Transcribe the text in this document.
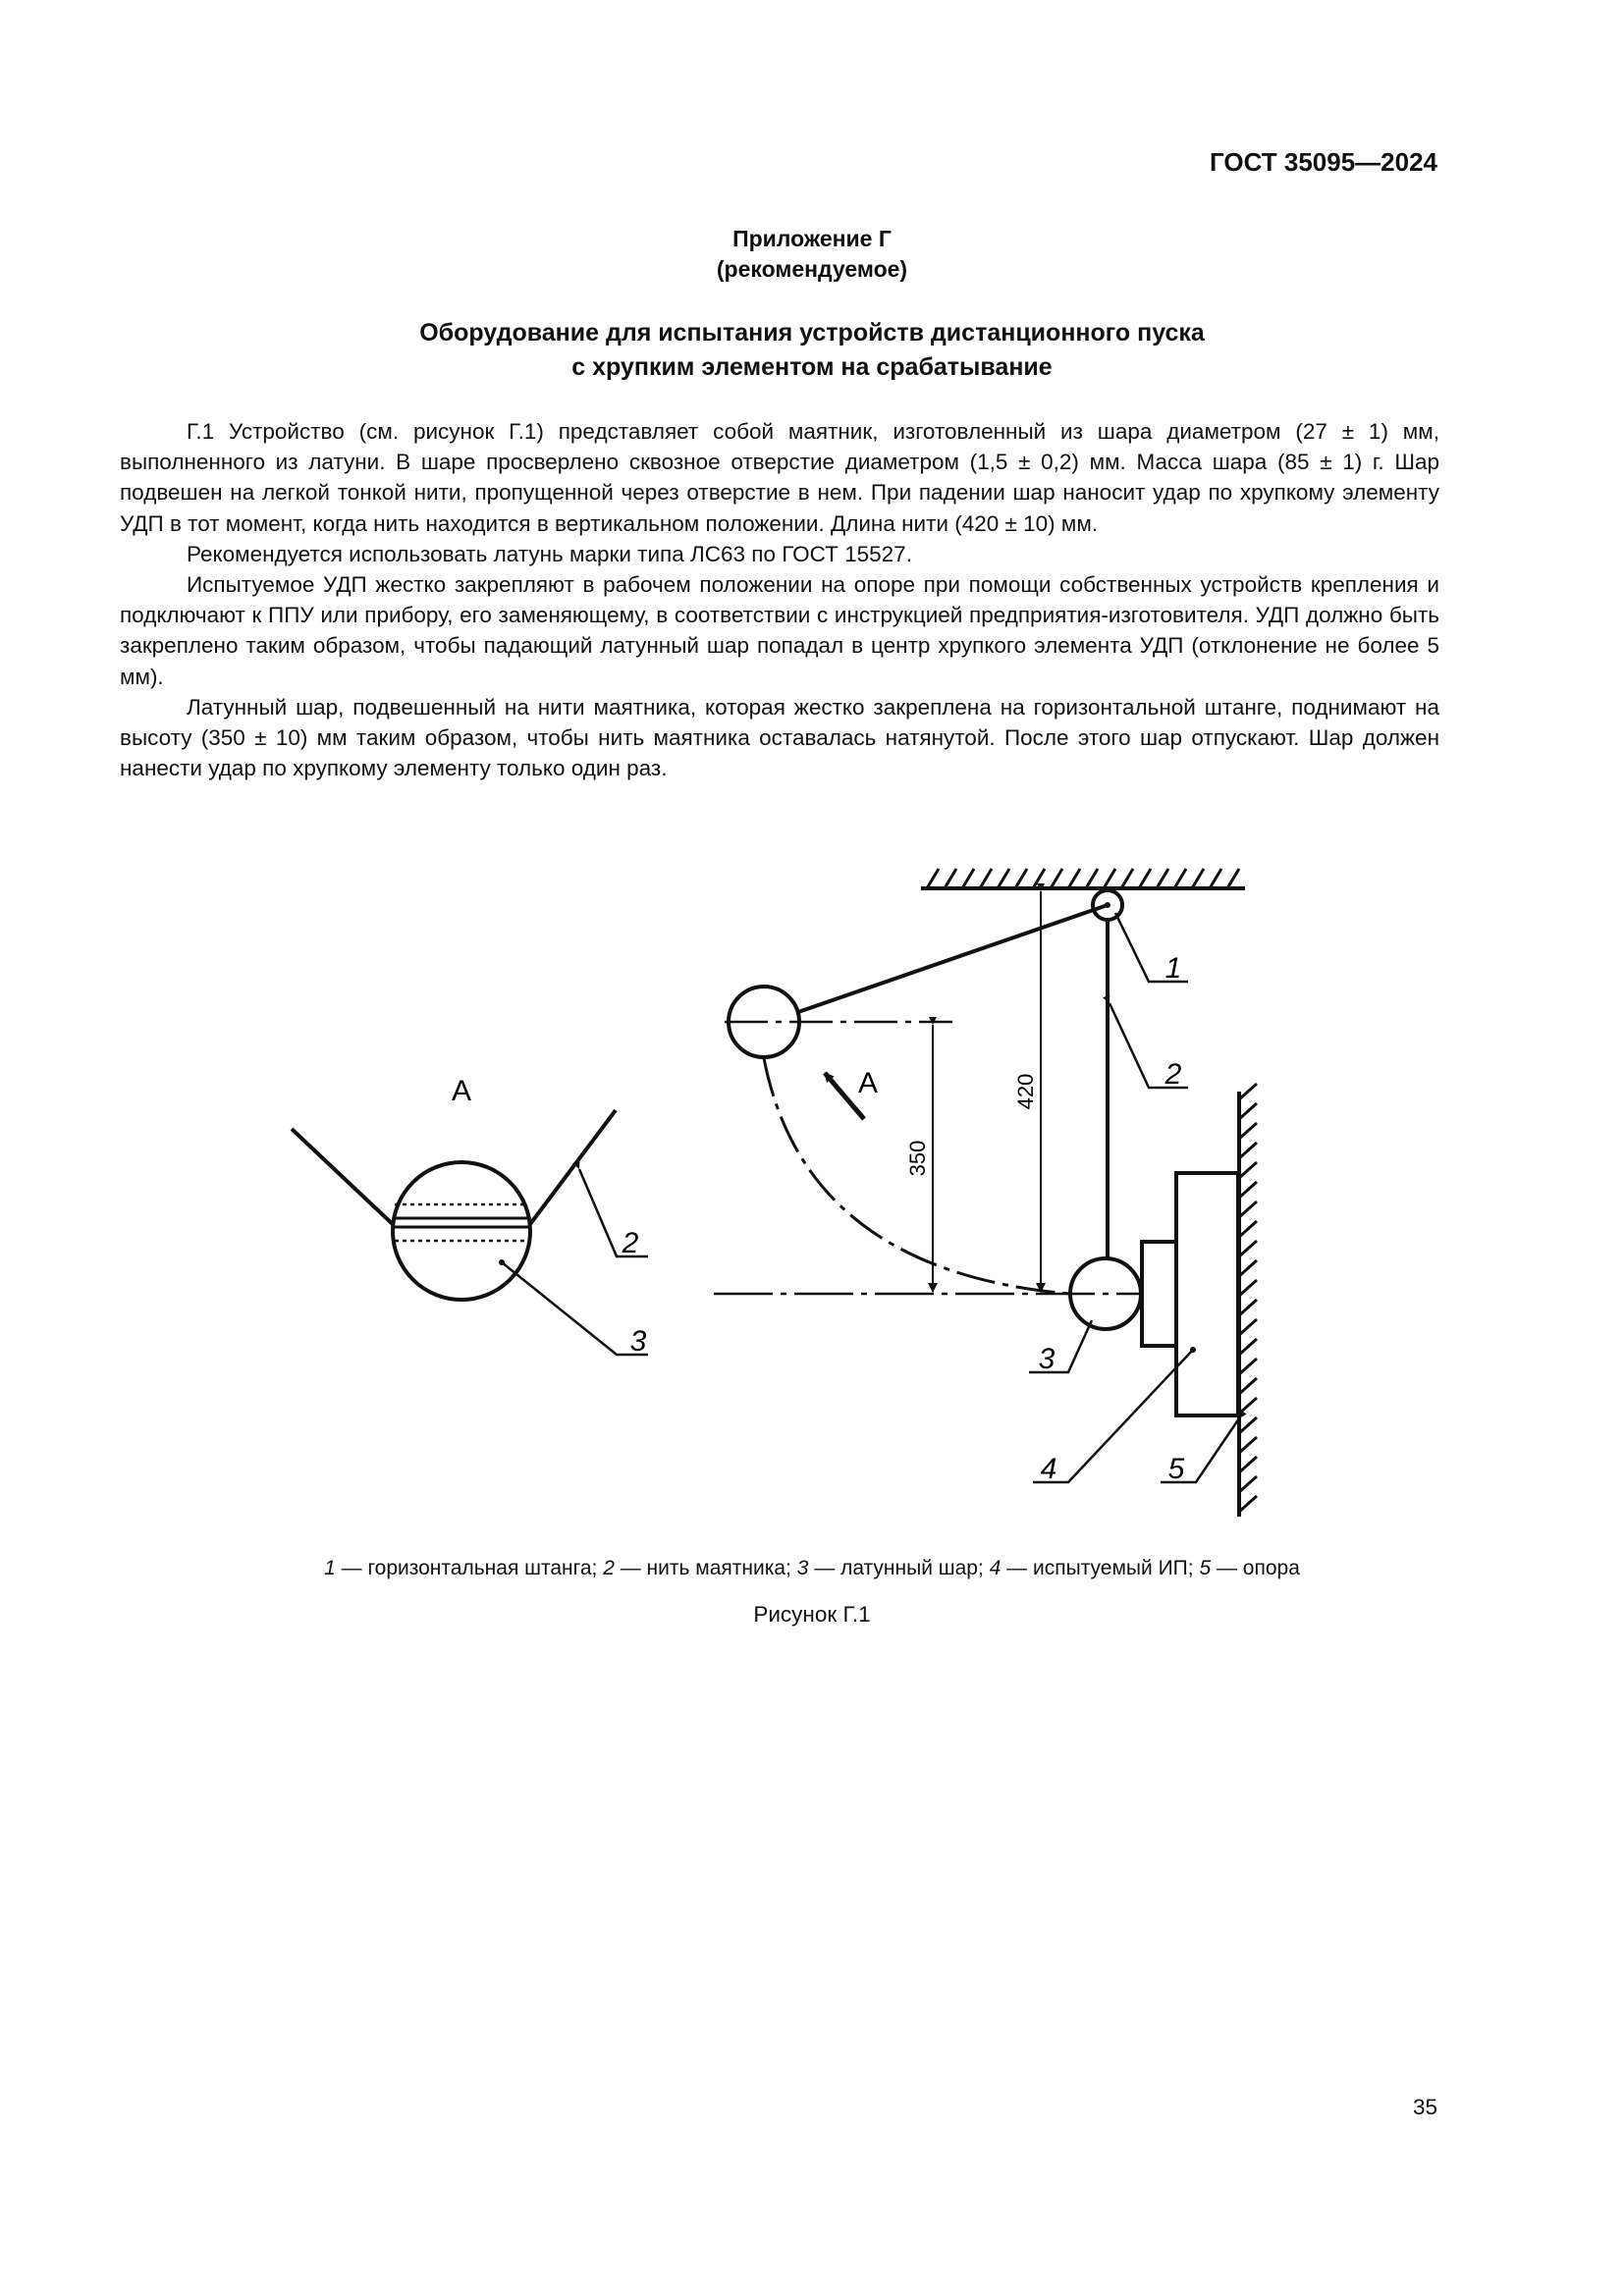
ГОСТ 35095—2024
Приложение Г
(рекомендуемое)
Оборудование для испытания устройств дистанционного пуска
с хрупким элементом на срабатывание

Г.1 Устройство (см. рисунок Г.1) представляет собой маятник, изготовленный из шара диаметром (27 ± 1) мм, выполненного из латуни. В шаре просверлено сквозное отверстие диаметром (1,5 ± 0,2) мм. Масса шара (85 ± 1) г. Шар подвешен на легкой тонкой нити, пропущенной через отверстие в нем. При падении шар наносит удар по хрупкому элементу УДП в тот момент, когда нить находится в вертикальном положении. Длина нити (420 ± 10) мм.

Рекомендуется использовать латунь марки типа ЛС63 по ГОСТ 15527.

Испытуемое УДП жестко закрепляют в рабочем положении на опоре при помощи собственных устройств крепления и подключают к ППУ или прибору, его заменяющему, в соответствии с инструкцией предприятия-изготовителя. УДП должно быть закреплено таким образом, чтобы падающий латунный шар попадал в центр хрупкого элемента УДП (отклонение не более 5 мм).

Латунный шар, подвешенный на нити маятника, которая жестко закреплена на горизонтальной штанге, поднимают на высоту (350 ± 10) мм таким образом, чтобы нить маятника оставалась натянутой. После этого шар отпускают. Шар должен нанести удар по хрупкому элементу только один раз.

А
2
3
420
350
А
1
2
3
4	5
1 — горизонтальная штанга; 2 — нить маятника; 3 — латунный шар; 4 — испытуемый ИП; 5 — опора
Рисунок Г.1
35
